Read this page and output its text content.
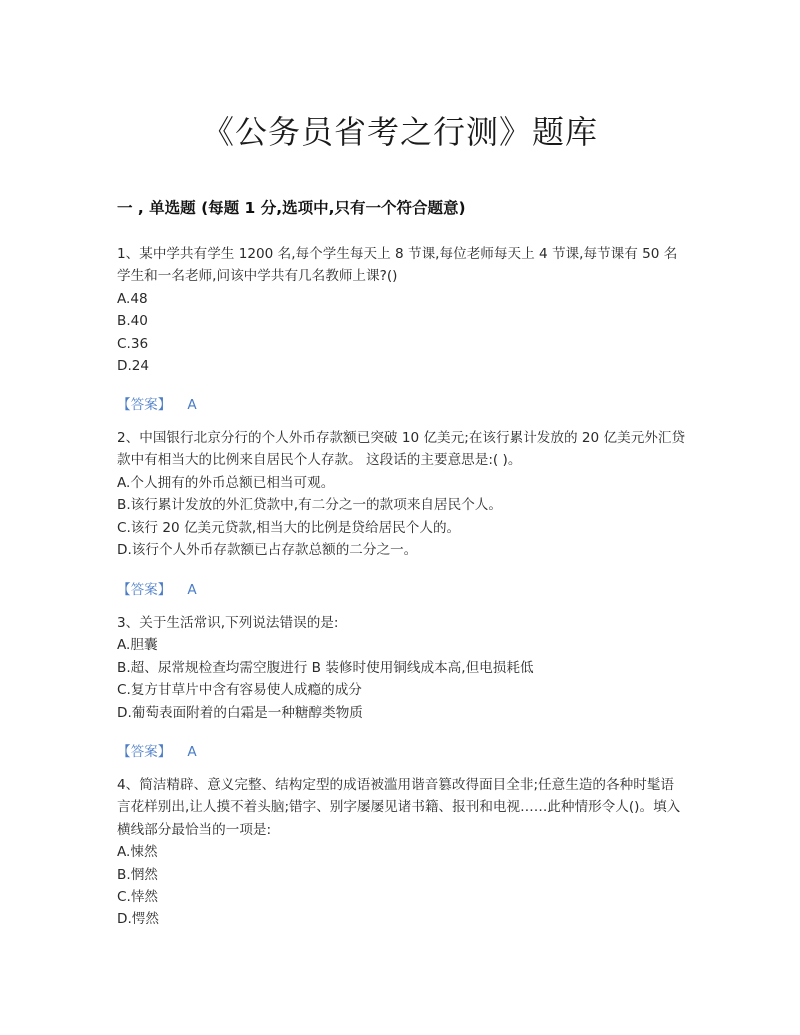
《公务员省考之行测》题库
一 , 单选题 (每题 1 分,选项中,只有一个符合题意)

1、某中学共有学生 1200 名,每个学生每天上 8 节课,每位老师每天上 4 节课,每节课有 50 名学生和一名老师,问该中学共有几名教师上课?()

A.48

B.40

C.36

D.24

【答案】 A

2、中国银行北京分行的个人外币存款额已突破 10 亿美元;在该行累计发放的 20 亿美元外汇贷款中有相当大的比例来自居民个人存款。 这段话的主要意思是:( )。

A.个人拥有的外币总额已相当可观。

B.该行累计发放的外汇贷款中,有二分之一的款项来自居民个人。

C.该行 20 亿美元贷款,相当大的比例是贷给居民个人的。

D.该行个人外币存款额已占存款总额的二分之一。

【答案】 A

3、关于生活常识,下列说法错误的是:

A.胆囊

B.超、尿常规检查均需空腹进行 B 装修时使用铜线成本高,但电损耗低

C.复方甘草片中含有容易使人成瘾的成分

D.葡萄表面附着的白霜是一种糖醇类物质

【答案】 A

4、简洁精辟、意义完整、结构定型的成语被滥用谐音篡改得面目全非;任意生造的各种时髦语言花样别出,让人摸不着头脑;错字、别字屡屡见诸书籍、报刊和电视……此种情形令人()。填入横线部分最恰当的一项是:

A.悚然

B.惘然

C.悻然

D.愕然
